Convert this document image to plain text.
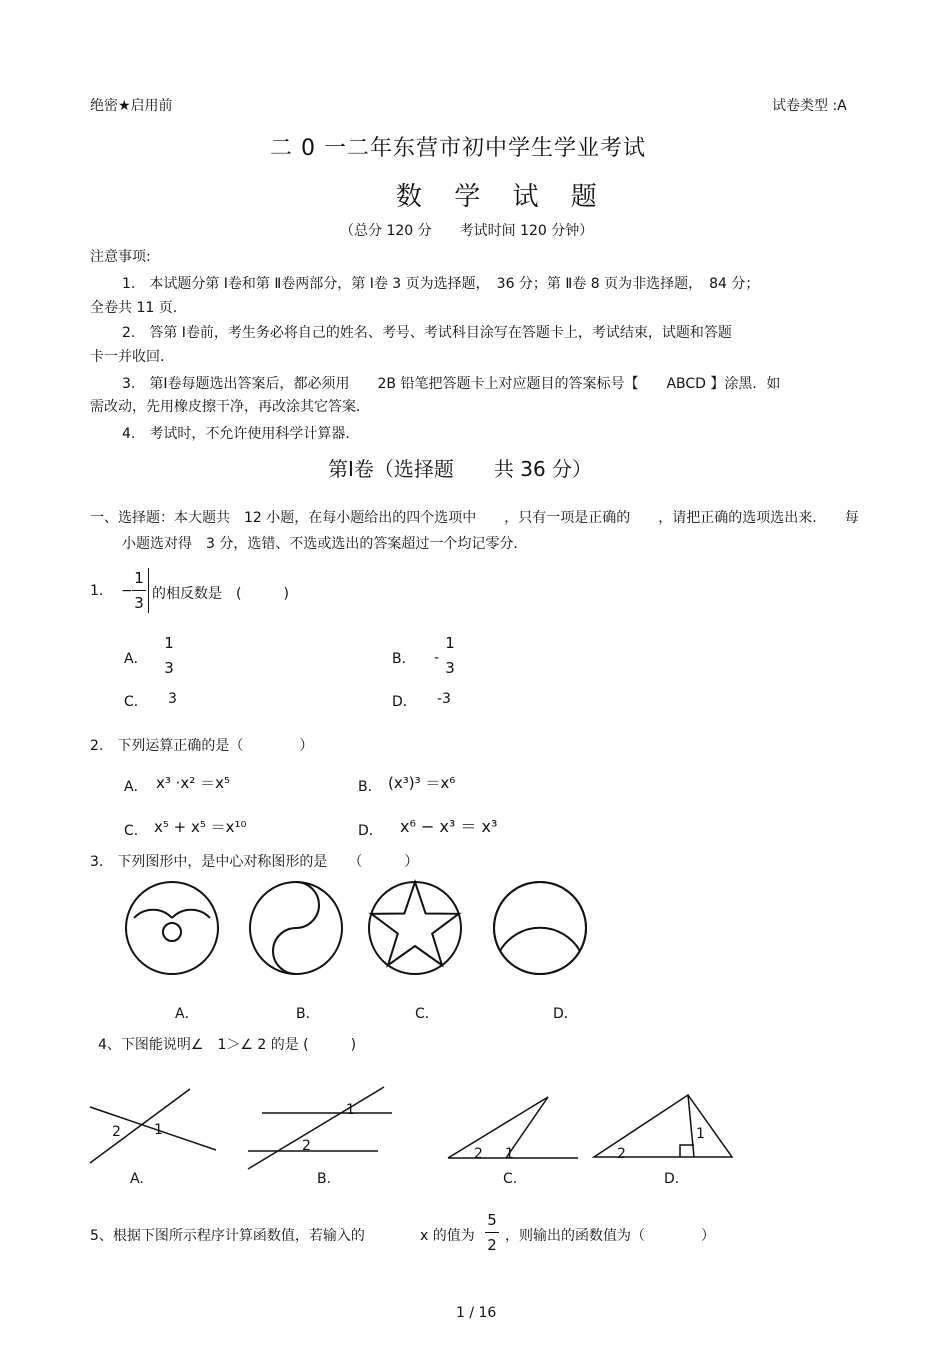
绝密★启用前	试卷类型 :A
二 0 一二年东营市初中学生学业考试
数 学 试 题
（总分 120 分　　考试时间 120 分钟）
注意事项:
1.　本试题分第 Ⅰ卷和第 Ⅱ卷两部分，第 Ⅰ卷 3 页为选择题，　36 分；第 Ⅱ卷 8 页为非选择题，　84 分；
全卷共 11 页.
2.　答第 Ⅰ卷前，考生务必将自己的姓名、考号、考试科目涂写在答题卡上，考试结束，试题和答题
卡一并收回.
3.　第Ⅰ卷每题选出答案后，都必须用　　2B 铅笔把答题卡上对应题目的答案标号【　　ABCD 】涂黑．如
需改动，先用橡皮擦干净，再改涂其它答案.
4.　考试时，不允许使用科学计算器.
第Ⅰ卷（选择题　　共 36 分）
一、选择题：本大题共　12 小题，在每小题给出的四个选项中　　，只有一项是正确的　　，请把正确的选项选出来.　　每
小题选对得　3 分，选错、不选或选出的答案超过一个均记零分.
1. −
1
3 的相反数是　(　　　)
A．
1
3	B． -
1
3
C． 3	D． -3
2.　下列运算正确的是（　　　　）
A． x³ ·x² ＝x⁵	B． (x³)³ ＝x⁶
C． x⁵ + x⁵ ＝x¹⁰	D． x⁶ − x³ ＝ x³
3.　下列图形中，是中心对称图形的是　　（　　　）
A．	B．	C．	D．
4、下图能说明∠　1＞∠ 2 的是 (　　　)
2 1
1
2	2 1	2
1
A.	B.	C.	D.
5、根据下图所示程序计算函数值，若输入的	x 的值为
5
2 ，则输出的函数值为（　　　　）
1 / 16
